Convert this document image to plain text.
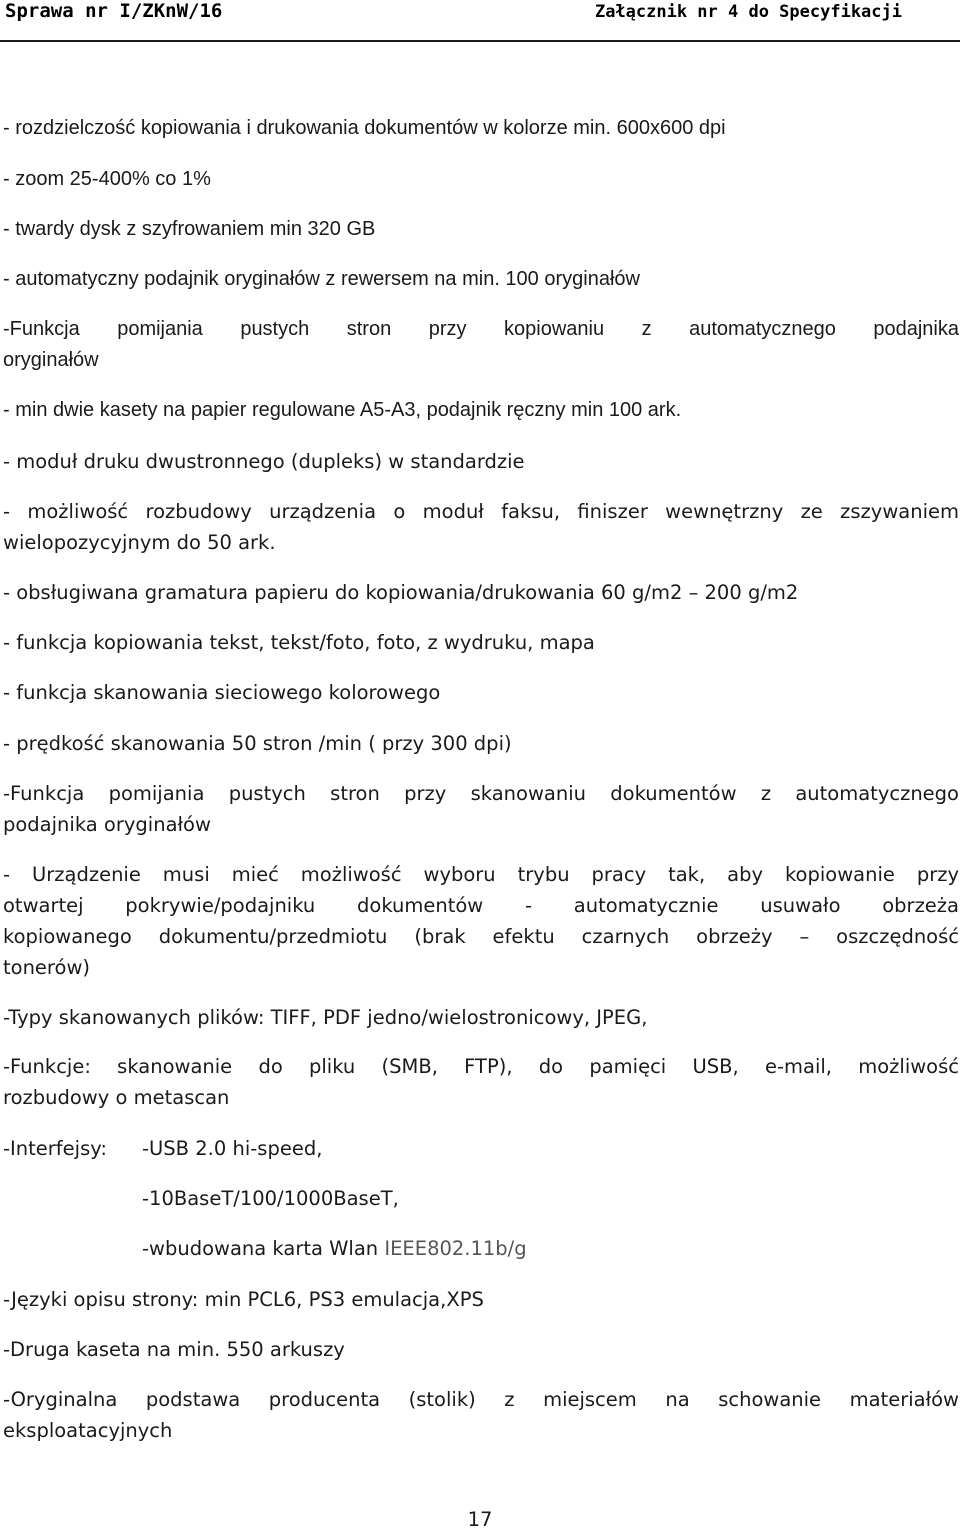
Sprawa nr I/ZKnW/16	Załącznik nr 4 do Specyfikacji

- rozdzielczość kopiowania i drukowania dokumentów w kolorze min. 600x600 dpi

- zoom 25-400% co 1%

- twardy dysk z szyfrowaniem min 320 GB

- automatyczny podajnik oryginałów z rewersem na min. 100 oryginałów

-Funkcja pomijania pustych stron przy kopiowaniu z automatycznego podajnika
oryginałów

- min dwie kasety na papier regulowane A5-A3, podajnik ręczny min 100 ark.

- moduł druku dwustronnego (dupleks) w standardzie

- możliwość rozbudowy urządzenia o moduł faksu, finiszer wewnętrzny ze zszywaniem
wielopozycyjnym do 50 ark.

- obsługiwana gramatura papieru do kopiowania/drukowania 60 g/m2 – 200 g/m2

- funkcja kopiowania tekst, tekst/foto, foto, z wydruku, mapa

- funkcja skanowania sieciowego kolorowego

- prędkość skanowania 50 stron /min ( przy 300 dpi)

-Funkcja pomijania pustych stron przy skanowaniu dokumentów z automatycznego
podajnika oryginałów
- Urządzenie musi mieć możliwość wyboru trybu pracy tak, aby kopiowanie przy
otwartej pokrywie/podajniku dokumentów - automatycznie usuwało obrzeża
kopiowanego dokumentu/przedmiotu (brak efektu czarnych obrzeży – oszczędność
tonerów)

-Typy skanowanych plików: TIFF, PDF jedno/wielostronicowy, JPEG,

-Funkcje: skanowanie do pliku (SMB, FTP), do pamięci USB, e-mail, możliwość
rozbudowy o metascan
-Interfejsy: -USB 2.0 hi-speed,
-10BaseT/100/1000BaseT,
-wbudowana karta Wlan IEEE802.11b/g

-Języki opisu strony: min PCL6, PS3 emulacja,XPS

-Druga kaseta na min. 550 arkuszy

-Oryginalna podstawa producenta (stolik) z miejscem na schowanie materiałów
eksploatacyjnych
17
